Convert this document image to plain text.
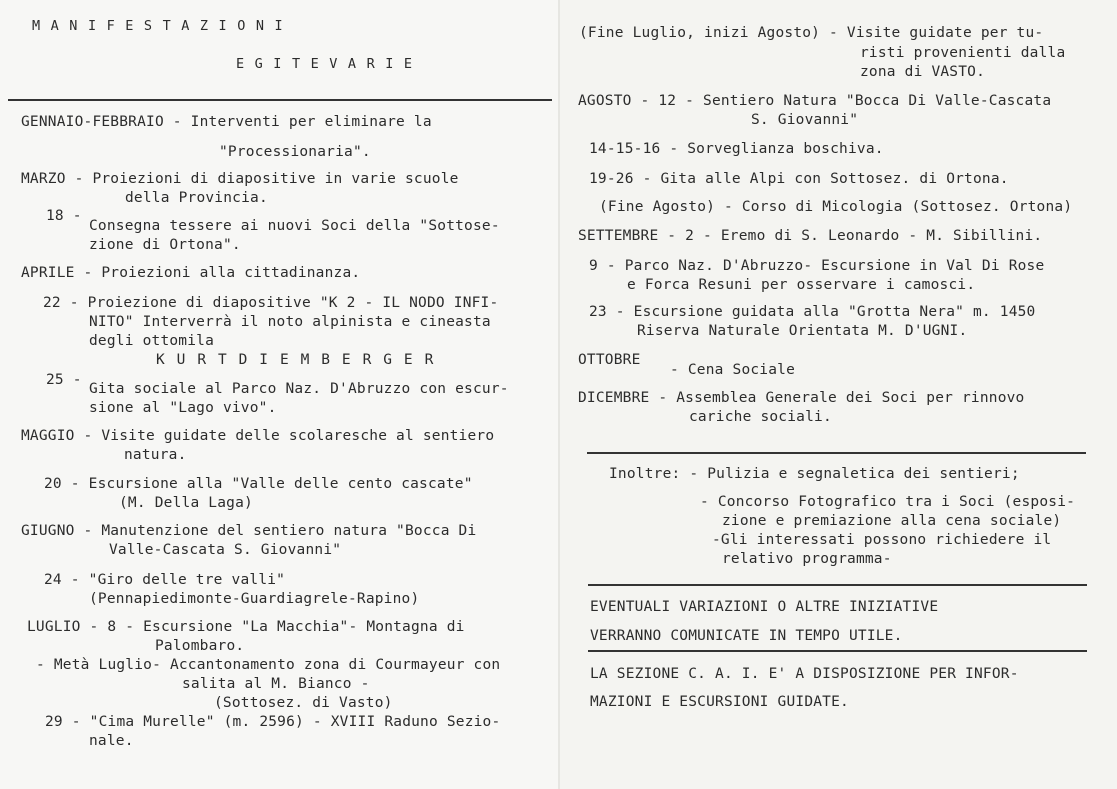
M A N I F E S T A Z I O N I
E G I T E V A R I E
GENNAIO-FEBBRAIO - Interventi per eliminare la
"Processionaria".
MARZO - Proiezioni di diapositive in varie scuole
della Provincia.
18 -
Consegna tessere ai nuovi Soci della "Sottose-
zione di Ortona".
APRILE - Proiezioni alla cittadinanza.
22 - Proiezione di diapositive "K 2 - IL NODO INFI-
NITO" Interverrà il noto alpinista e cineasta
degli ottomila
K U R T D I E M B E R G E R
25 -
Gita sociale al Parco Naz. D'Abruzzo con escur-
sione al "Lago vivo".
MAGGIO - Visite guidate delle scolaresche al sentiero
natura.
20 - Escursione alla "Valle delle cento cascate"
(M. Della Laga)
GIUGNO - Manutenzione del sentiero natura "Bocca Di
Valle-Cascata S. Giovanni"
24 - "Giro delle tre valli"
(Pennapiedimonte-Guardiagrele-Rapino)
LUGLIO - 8 - Escursione "La Macchia"- Montagna di
Palombaro.
- Metà Luglio- Accantonamento zona di Courmayeur con
salita al M. Bianco -
(Sottosez. di Vasto)
29 - "Cima Murelle" (m. 2596) - XVIII Raduno Sezio-
nale.
(Fine Luglio, inizi Agosto) - Visite guidate per tu-
risti provenienti dalla
zona di VASTO.
AGOSTO - 12 - Sentiero Natura "Bocca Di Valle-Cascata
S. Giovanni"
14-15-16 - Sorveglianza boschiva.
19-26 - Gita alle Alpi con Sottosez. di Ortona.
(Fine Agosto) - Corso di Micologia (Sottosez. Ortona)
SETTEMBRE - 2 - Eremo di S. Leonardo - M. Sibillini.
9 - Parco Naz. D'Abruzzo- Escursione in Val Di Rose
e Forca Resuni per osservare i camosci.
23 - Escursione guidata alla "Grotta Nera" m. 1450
Riserva Naturale Orientata M. D'UGNI.
OTTOBRE
- Cena Sociale
DICEMBRE - Assemblea Generale dei Soci per rinnovo
cariche sociali.
Inoltre: - Pulizia e segnaletica dei sentieri;
- Concorso Fotografico tra i Soci (esposi-
zione e premiazione alla cena sociale)
-Gli interessati possono richiedere il
relativo programma-
EVENTUALI VARIAZIONI O ALTRE INIZIATIVE
VERRANNO COMUNICATE IN TEMPO UTILE.
LA SEZIONE C. A. I. E' A DISPOSIZIONE PER INFOR-
MAZIONI E ESCURSIONI GUIDATE.
